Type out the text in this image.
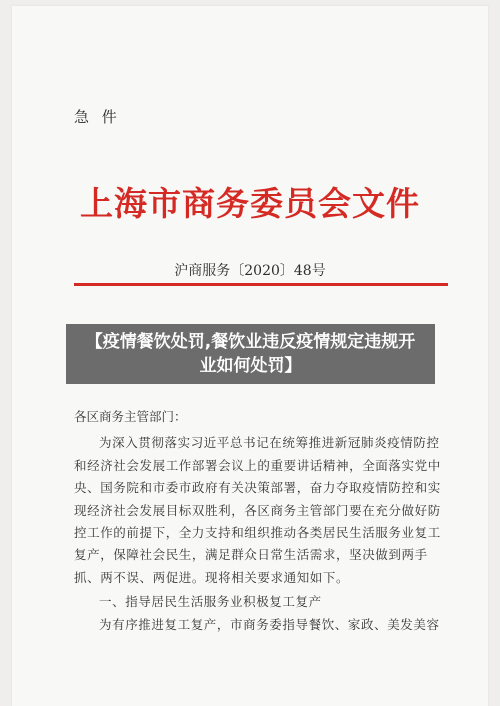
急 件
上海市商务委员会文件
沪商服务〔2020〕48号

各区商务主管部门：

为深入贯彻落实习近平总书记在统筹推进新冠肺炎疫情防控和经济社会发展工作部署会议上的重要讲话精神，全面落实党中央、国务院和市委市政府有关决策部署，奋力夺取疫情防控和实现经济社会发展目标双胜利，各区商务主管部门要在充分做好防控工作的前提下，全力支持和组织推动各类居民生活服务业复工复产，保障社会民生，满足群众日常生活需求，坚决做到两手抓、两不误、两促进。现将相关要求通知如下。

一、指导居民生活服务业积极复工复产

为有序推进复工复产，市商务委指导餐饮、家政、美发美容

【疫情餐饮处罚,餐饮业违反疫情规定违规开业如何处罚】
